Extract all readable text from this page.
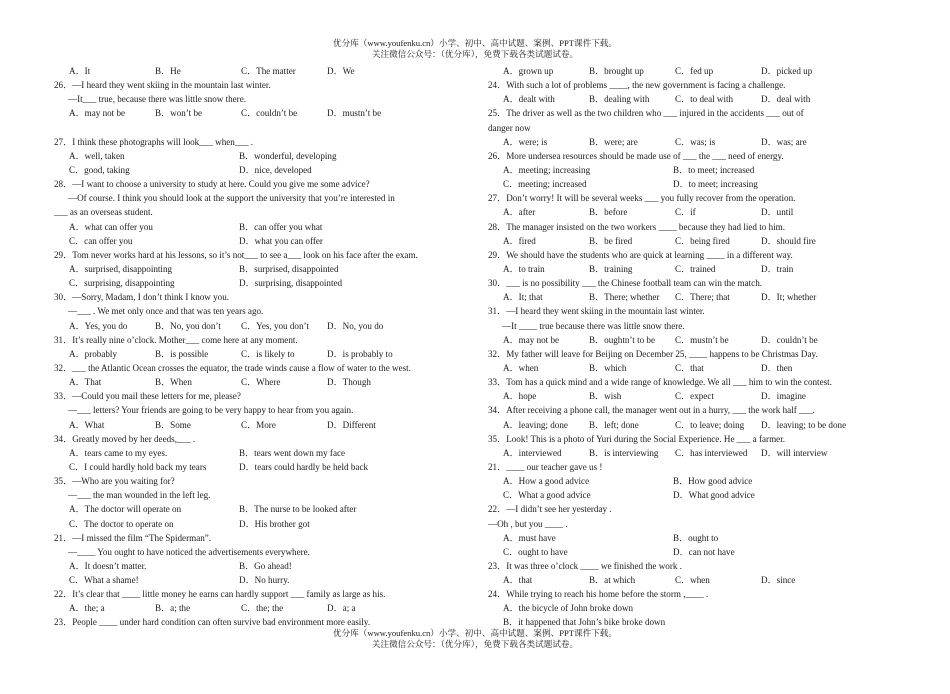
优分库（www.youfenku.cn）小学、初中、高中试题、案例、PPT课件下载。
关注微信公众号：（优分库），免费下载各类试题试卷。
A．It	B．He	C．The matter	D．We
26．—I heard they went skiing in the mountain last winter.
—It___ true, because there was little snow there.
A．may not be	B．won’t be	C．couldn’t be	D．mustn’t be
27．I think these photographs will look___ when___ .
A．well, taken	B．wonderful, developing
C．good, taking	D．nice, developed
28．—I want to choose a university to study at here. Could you give me some advice?
—Of course. I think you should look at the support the university that you’re interested in
___ as an overseas student.
A．what can offer you	B．can offer you what
C．can offer you	D．what you can offer
29．Tom never works hard at his lessons, so it’s not___ to see a___ look on his face after the exam.
A．surprised, disappointing	B．surprised, disappointed
C．surprising, disappointing	D．surprising, disappointed
30．—Sorry, Madam, I don’t think I know you.
—___ . We met only once and that was ten years ago.
A．Yes, you do	B．No, you don’t C．Yes, you don’t D．No, you do
31．It’s really nine o’clock. Mother___ come here at any moment.
A．probably	B．is possible	C．is likely to	D．is probably to
32．___ the Atlantic Ocean crosses the equator, the trade winds cause a flow of water to the west.
A．That	B．When	C．Where	D．Though
33．—Could you mail these letters for me, please?
—___ letters? Your friends are going to be very happy to hear from you again.
A．What	B．Some	C．More	D．Different
34．Greatly moved by her deeds,___ .
A．tears came to my eyes.	B．tears went down my face
C．I could hardly hold back my tears	D．tears could hardly be held back
35．—Who are you waiting for?
—___ the man wounded in the left leg.
A．The doctor will operate on	B．The nurse to be looked after
C．The doctor to operate on	D．His brother got
21．—I missed the film “The Spiderman”.
—____ You ought to have noticed the advertisements everywhere.
A．It doesn’t matter.	B．Go ahead!
C．What a shame!	D．No hurry.
22．It’s clear that ____ little money he earns can hardly support ___ family as large as his.
A．the; a	B．a; the	C．the; the	D．a; a
23．People ____ under hard condition can often survive bad environment more easily.
A．grown up	B．brought up	C．fed up	D．picked up
24．With such a lot of problems ____, the new government is facing a challenge.
A．dealt with	B．dealing with	C．to deal with	D．deal with
25．The driver as well as the two children who ___ injured in the accidents ___ out of
danger now
A．were; is	B．were; are	C．was; is	D．was; are
26．More undersea resources should be made use of ___ the ___ need of energy.
A．meeting; increasing	B．to meet; increased
C．meeting; increased	D．to meet; increasing
27．Don’t worry! It will be several weeks ___ you fully recover from the operation.
A．after	B．before	C．if	D．until
28．The manager insisted on the two workers ____ because they had lied to him.
A．fired	B．be fired	C．being fired	D．should fire
29．We should have the students who are quick at learning ____ in a different way.
A．to train	B．training	C．trained	D．train
30．___ is no possibility ___ the Chinese football team can win the match.
A．It; that	B．There; whether C．There; that	D．It; whether
31．—I heard they went skiing in the mountain last winter.
—It ____ true because there was little snow there.
A．may not be	B．oughtn’t to be C．mustn’t be	D．couldn’t be
32．My father will leave for Beijing on December 25, ____ happens to be Christmas Day.
A．when	B．which	C．that	D．then
33．Tom has a quick mind and a wide range of knowledge. We all ___ him to win the contest.
A．hope	B．wish	C．expect	D．imagine
34．After receiving a phone call, the manager went out in a hurry, ___ the work half ___.
A．leaving; done B．left; done	C．to leave; doing D．leaving; to be done
35．Look! This is a photo of Yuri during the Social Experience. He ___ a farmer.
A．interviewed	B．is interviewing C．has interviewed D．will interview
21．____ our teacher gave us !
A．How a good advice	B．How good advice
C．What a good advice	D．What good advice
22．—I didn’t see her yesterday .
—Oh , but you ____ .
A．must have	B．ought to
C．ought to have	D．can not have
23．It was three o’clock ____ we finished the work .
A．that	B．at which	C．when	D．since
24．While trying to reach his home before the storm ,____ .
A．the bicycle of John broke down
B．it happened that John’s bike broke down
优分库（www.youfenku.cn）小学、初中、高中试题、案例、PPT课件下载。
关注微信公众号：（优分库），免费下载各类试题试卷。
